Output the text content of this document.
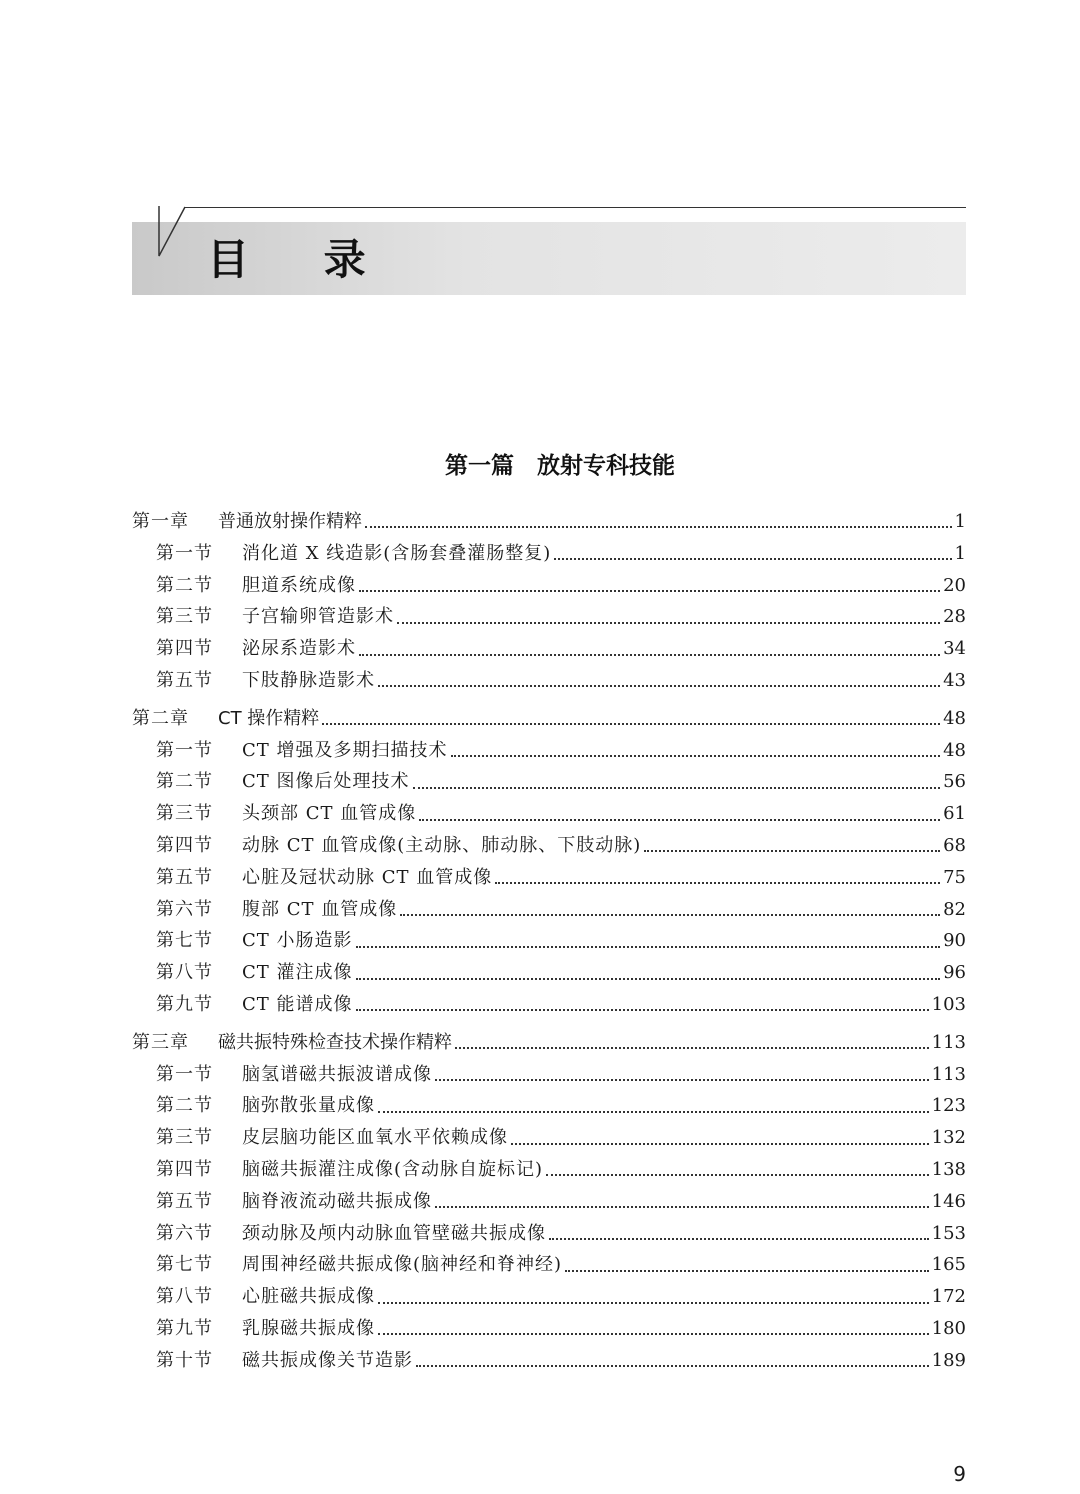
目 录
第一篇　放射专科技能
第一章	普通放射操作精粹	1
第一节	消化道 X 线造影(含肠套叠灌肠整复)	1
第二节	胆道系统成像	20
第三节	子宫输卵管造影术	28
第四节	泌尿系造影术	34
第五节	下肢静脉造影术	43
第二章	CT 操作精粹	48
第一节	CT 增强及多期扫描技术	48
第二节	CT 图像后处理技术	56
第三节	头颈部 CT 血管成像	61
第四节	动脉 CT 血管成像(主动脉、肺动脉、下肢动脉)	68
第五节	心脏及冠状动脉 CT 血管成像	75
第六节	腹部 CT 血管成像	82
第七节	CT 小肠造影	90
第八节	CT 灌注成像	96
第九节	CT 能谱成像	103
第三章	磁共振特殊检查技术操作精粹	113
第一节	脑氢谱磁共振波谱成像	113
第二节	脑弥散张量成像	123
第三节	皮层脑功能区血氧水平依赖成像	132
第四节	脑磁共振灌注成像(含动脉自旋标记)	138
第五节	脑脊液流动磁共振成像	146
第六节	颈动脉及颅内动脉血管壁磁共振成像	153
第七节	周围神经磁共振成像(脑神经和脊神经)	165
第八节	心脏磁共振成像	172
第九节	乳腺磁共振成像	180
第十节	磁共振成像关节造影	189
9
